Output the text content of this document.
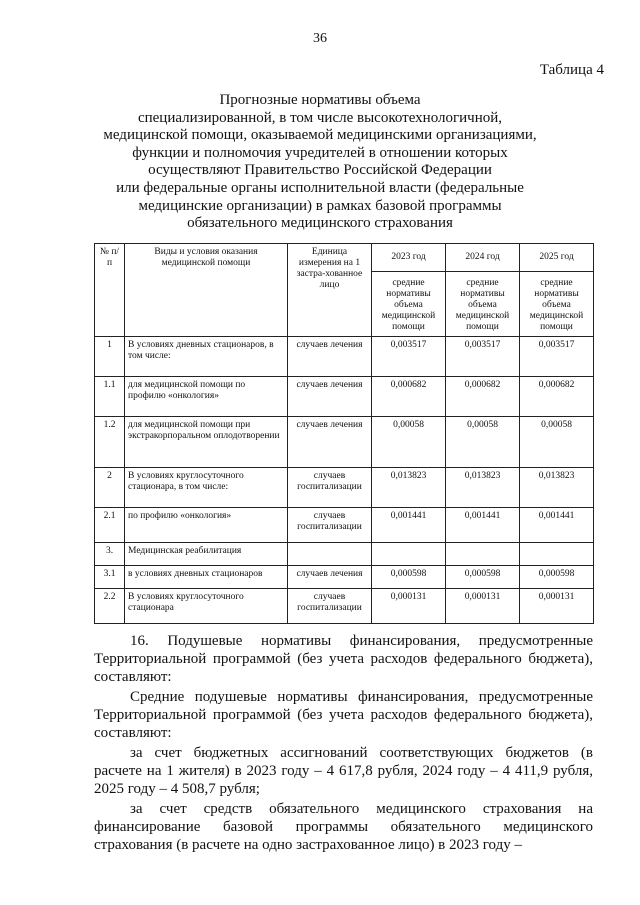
36
Таблица 4
Прогнозные нормативы объема
специализированной, в том числе высокотехнологичной,
медицинской помощи, оказываемой медицинскими организациями,
функции и полномочия учредителей в отношении которых
осуществляют Правительство Российской Федерации
или федеральные органы исполнительной власти (федеральные
медицинские организации) в рамках базовой программы
обязательного медицинского страхования
№ п/п	Виды и условия оказания медицинской помощи	Единица измерения на 1 застра-хованное лицо	2023 год	2024 год	2025 год
			средние нормативы объема медицинской помощи	средние нормативы объема медицинской помощи	средние нормативы объема медицинской помощи
1	В условиях дневных стационаров, в том числе:	случаев лечения	0,003517	0,003517	0,003517
1.1	для медицинской помощи по профилю «онкология»	случаев лечения	0,000682	0,000682	0,000682
1.2	для медицинской помощи при экстракорпоральном оплодотворении	случаев лечения	0,00058	0,00058	0,00058
2	В условиях круглосуточного стационара, в том числе:	случаев госпитализации	0,013823	0,013823	0,013823
2.1	по профилю «онкология»	случаев госпитализации	0,001441	0,001441	0,001441
3.	Медицинская реабилитация				
3.1	в условиях дневных стационаров	случаев лечения	0,000598	0,000598	0,000598
2.2	В условиях круглосуточного стационара	случаев госпитализации	0,000131	0,000131	0,000131

16. Подушевые нормативы финансирования, предусмотренные Территориальной программой (без учета расходов федерального бюджета), составляют:

Средние подушевые нормативы финансирования, предусмотренные Территориальной программой (без учета расходов федерального бюджета), составляют:

за счет бюджетных ассигнований соответствующих бюджетов (в расчете на 1 жителя) в 2023 году – 4 617,8 рубля, 2024 году – 4 411,9 рубля, 2025 году – 4 508,7 рубля;

за счет средств обязательного медицинского страхования на финансирование базовой программы обязательного медицинского страхования (в расчете на одно застрахованное лицо) в 2023 году –
